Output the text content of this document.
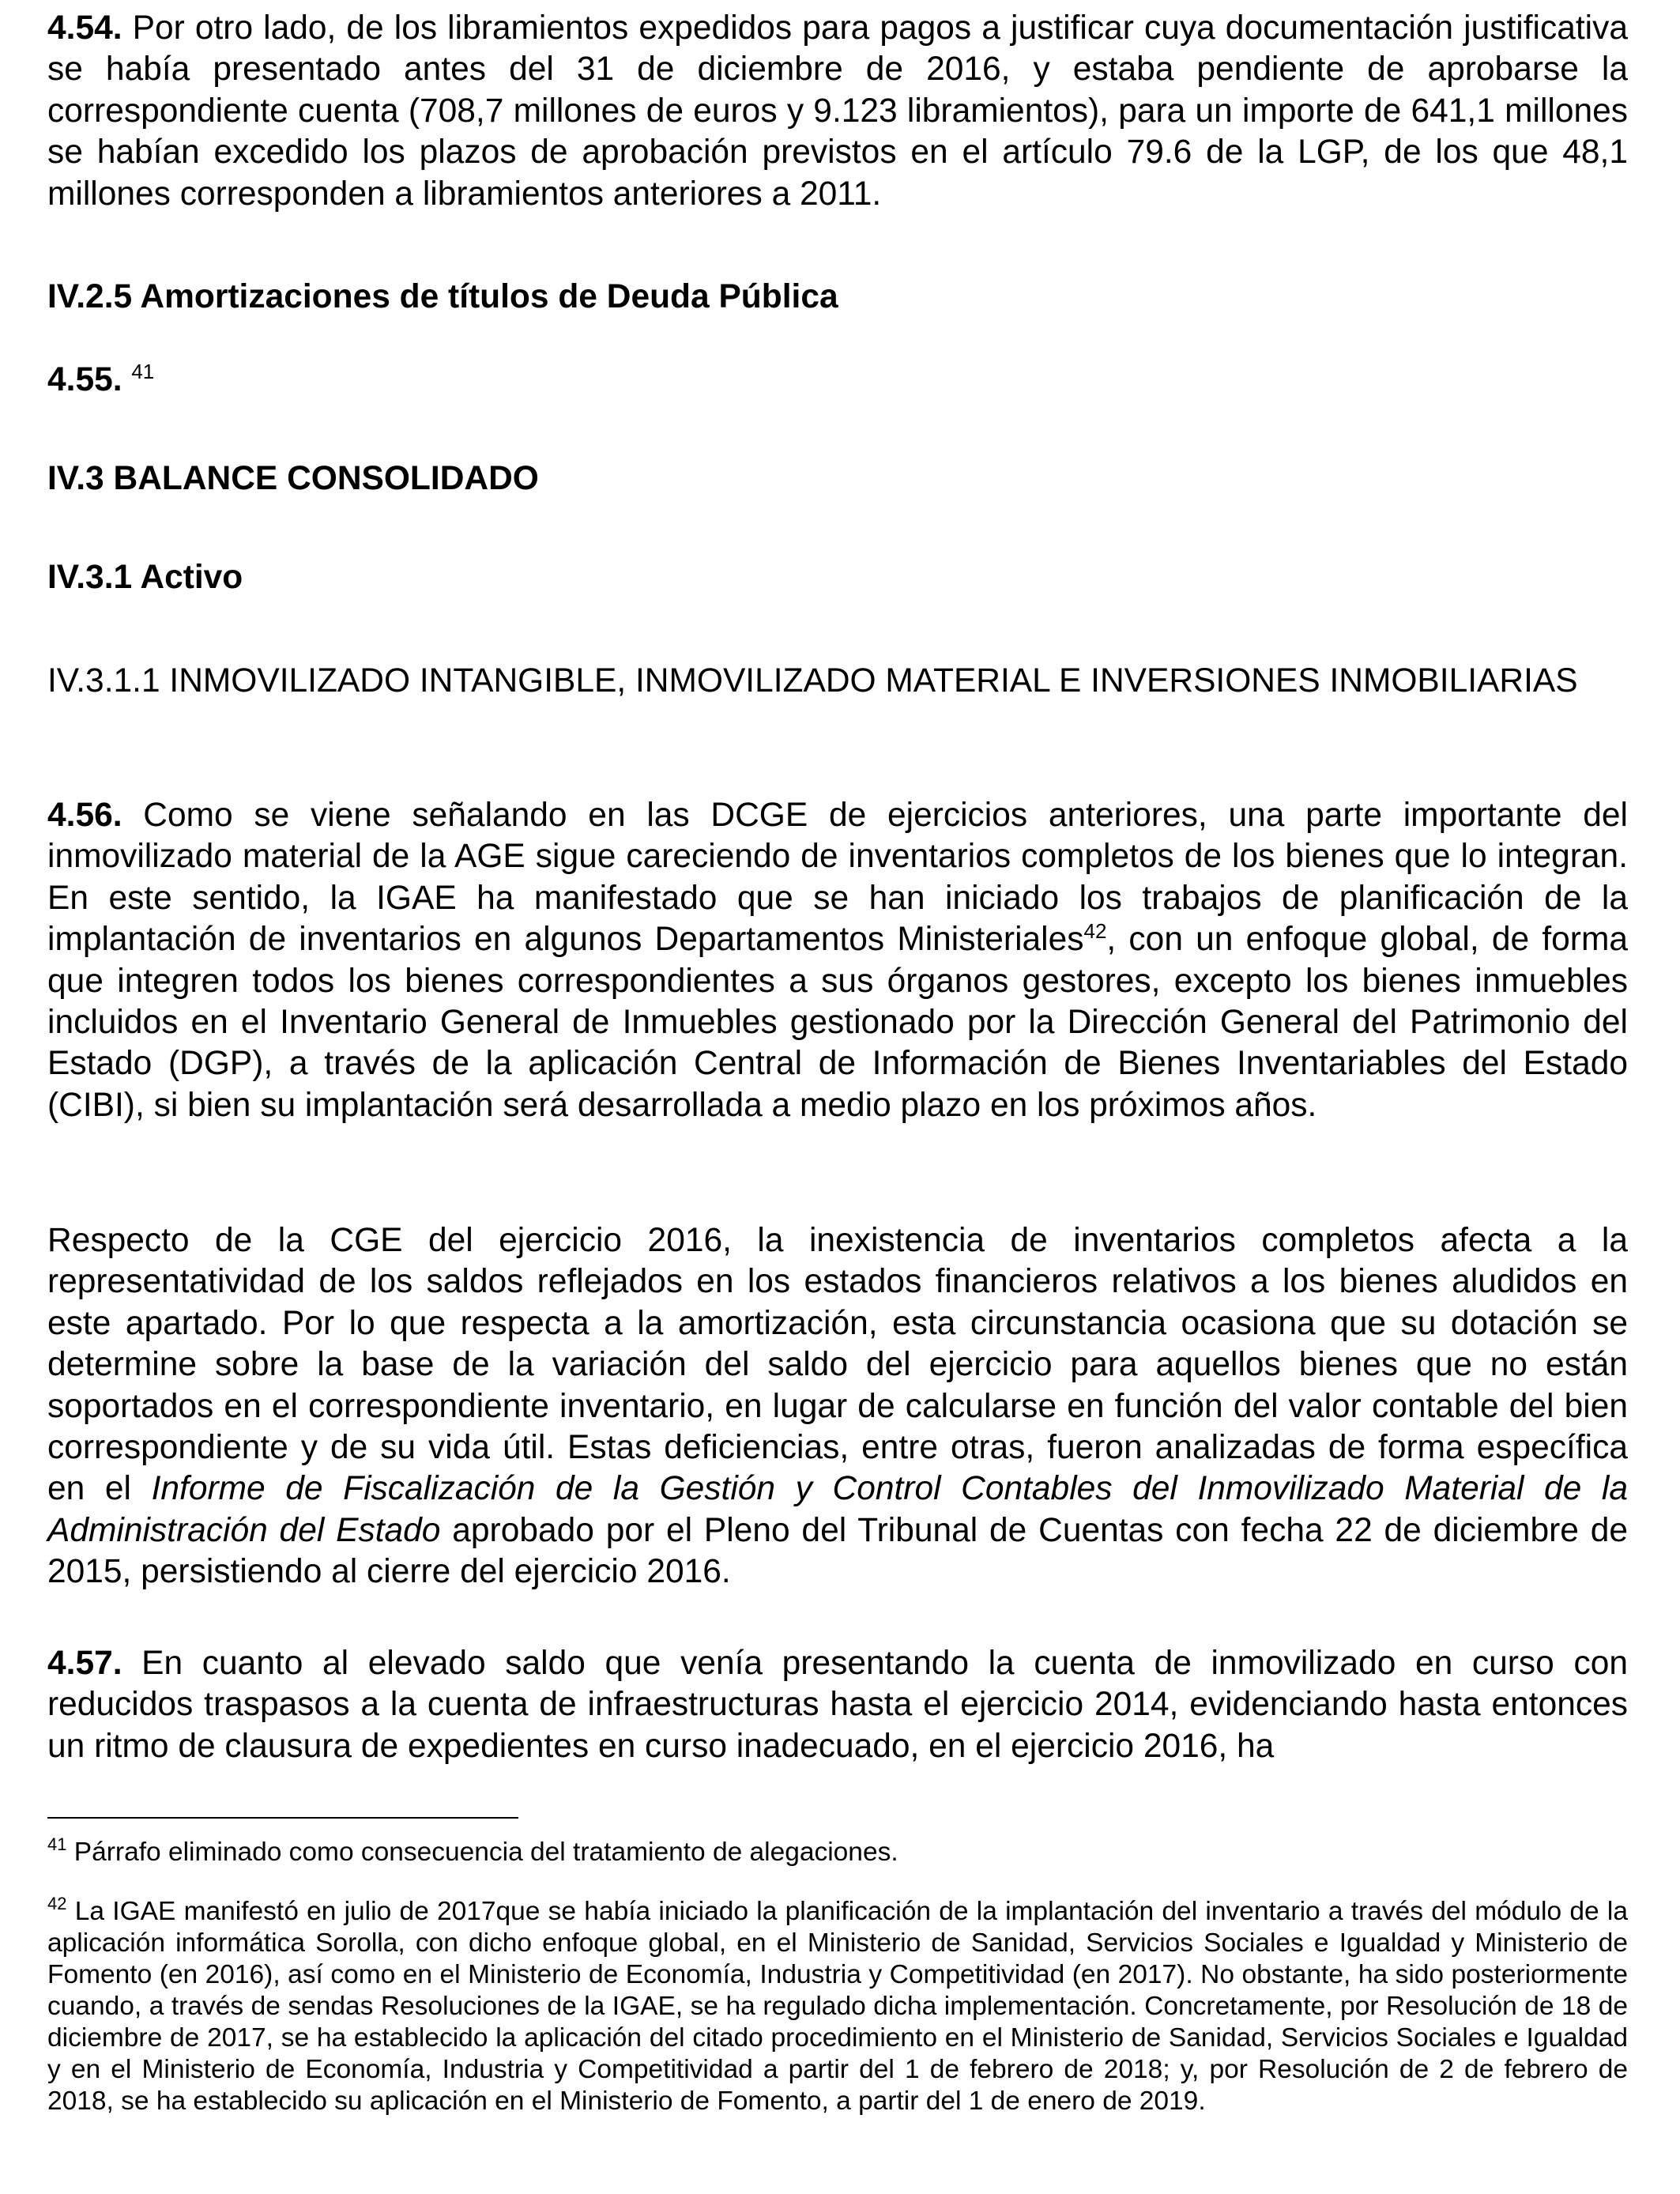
4.54. Por otro lado, de los libramientos expedidos para pagos a justificar cuya documentación justificativa se había presentado antes del 31 de diciembre de 2016, y estaba pendiente de aprobarse la correspondiente cuenta (708,7 millones de euros y 9.123 libramientos), para un importe de 641,1 millones se habían excedido los plazos de aprobación previstos en el artículo 79.6 de la LGP, de los que 48,1 millones corresponden a libramientos anteriores a 2011.

IV.2.5 Amortizaciones de títulos de Deuda Pública

4.55. $^{41}$

IV.3 BALANCE CONSOLIDADO

IV.3.1 Activo

IV.3.1.1 INMOVILIZADO INTANGIBLE, INMOVILIZADO MATERIAL E INVERSIONES INMOBILIARIAS

4.56. Como se viene señalando en las DCGE de ejercicios anteriores, una parte importante del inmovilizado material de la AGE sigue careciendo de inventarios completos de los bienes que lo integran. En este sentido, la IGAE ha manifestado que se han iniciado los trabajos de planificación de la implantación de inventarios en algunos Departamentos Ministeriales$^{42}$, con un enfoque global, de forma que integren todos los bienes correspondientes a sus órganos gestores, excepto los bienes inmuebles incluidos en el Inventario General de Inmuebles gestionado por la Dirección General del Patrimonio del Estado (DGP), a través de la aplicación Central de Información de Bienes Inventariables del Estado (CIBI), si bien su implantación será desarrollada a medio plazo en los próximos años.

Respecto de la CGE del ejercicio 2016, la inexistencia de inventarios completos afecta a la representatividad de los saldos reflejados en los estados financieros relativos a los bienes aludidos en este apartado. Por lo que respecta a la amortización, esta circunstancia ocasiona que su dotación se determine sobre la base de la variación del saldo del ejercicio para aquellos bienes que no están soportados en el correspondiente inventario, en lugar de calcularse en función del valor contable del bien correspondiente y de su vida útil. Estas deficiencias, entre otras, fueron analizadas de forma específica en el Informe de Fiscalización de la Gestión y Control Contables del Inmovilizado Material de la Administración del Estado aprobado por el Pleno del Tribunal de Cuentas con fecha 22 de diciembre de 2015, persistiendo al cierre del ejercicio 2016.

4.57. En cuanto al elevado saldo que venía presentando la cuenta de inmovilizado en curso con reducidos traspasos a la cuenta de infraestructuras hasta el ejercicio 2014, evidenciando hasta entonces un ritmo de clausura de expedientes en curso inadecuado, en el ejercicio 2016, ha

$^{41}$ Párrafo eliminado como consecuencia del tratamiento de alegaciones.

$^{42}$ La IGAE manifestó en julio de 2017que se había iniciado la planificación de la implantación del inventario a través del módulo de la aplicación informática Sorolla, con dicho enfoque global, en el Ministerio de Sanidad, Servicios Sociales e Igualdad y Ministerio de Fomento (en 2016), así como en el Ministerio de Economía, Industria y Competitividad (en 2017). No obstante, ha sido posteriormente cuando, a través de sendas Resoluciones de la IGAE, se ha regulado dicha implementación. Concretamente, por Resolución de 18 de diciembre de 2017, se ha establecido la aplicación del citado procedimiento en el Ministerio de Sanidad, Servicios Sociales e Igualdad y en el Ministerio de Economía, Industria y Competitividad a partir del 1 de febrero de 2018; y, por Resolución de 2 de febrero de 2018, se ha establecido su aplicación en el Ministerio de Fomento, a partir del 1 de enero de 2019.
